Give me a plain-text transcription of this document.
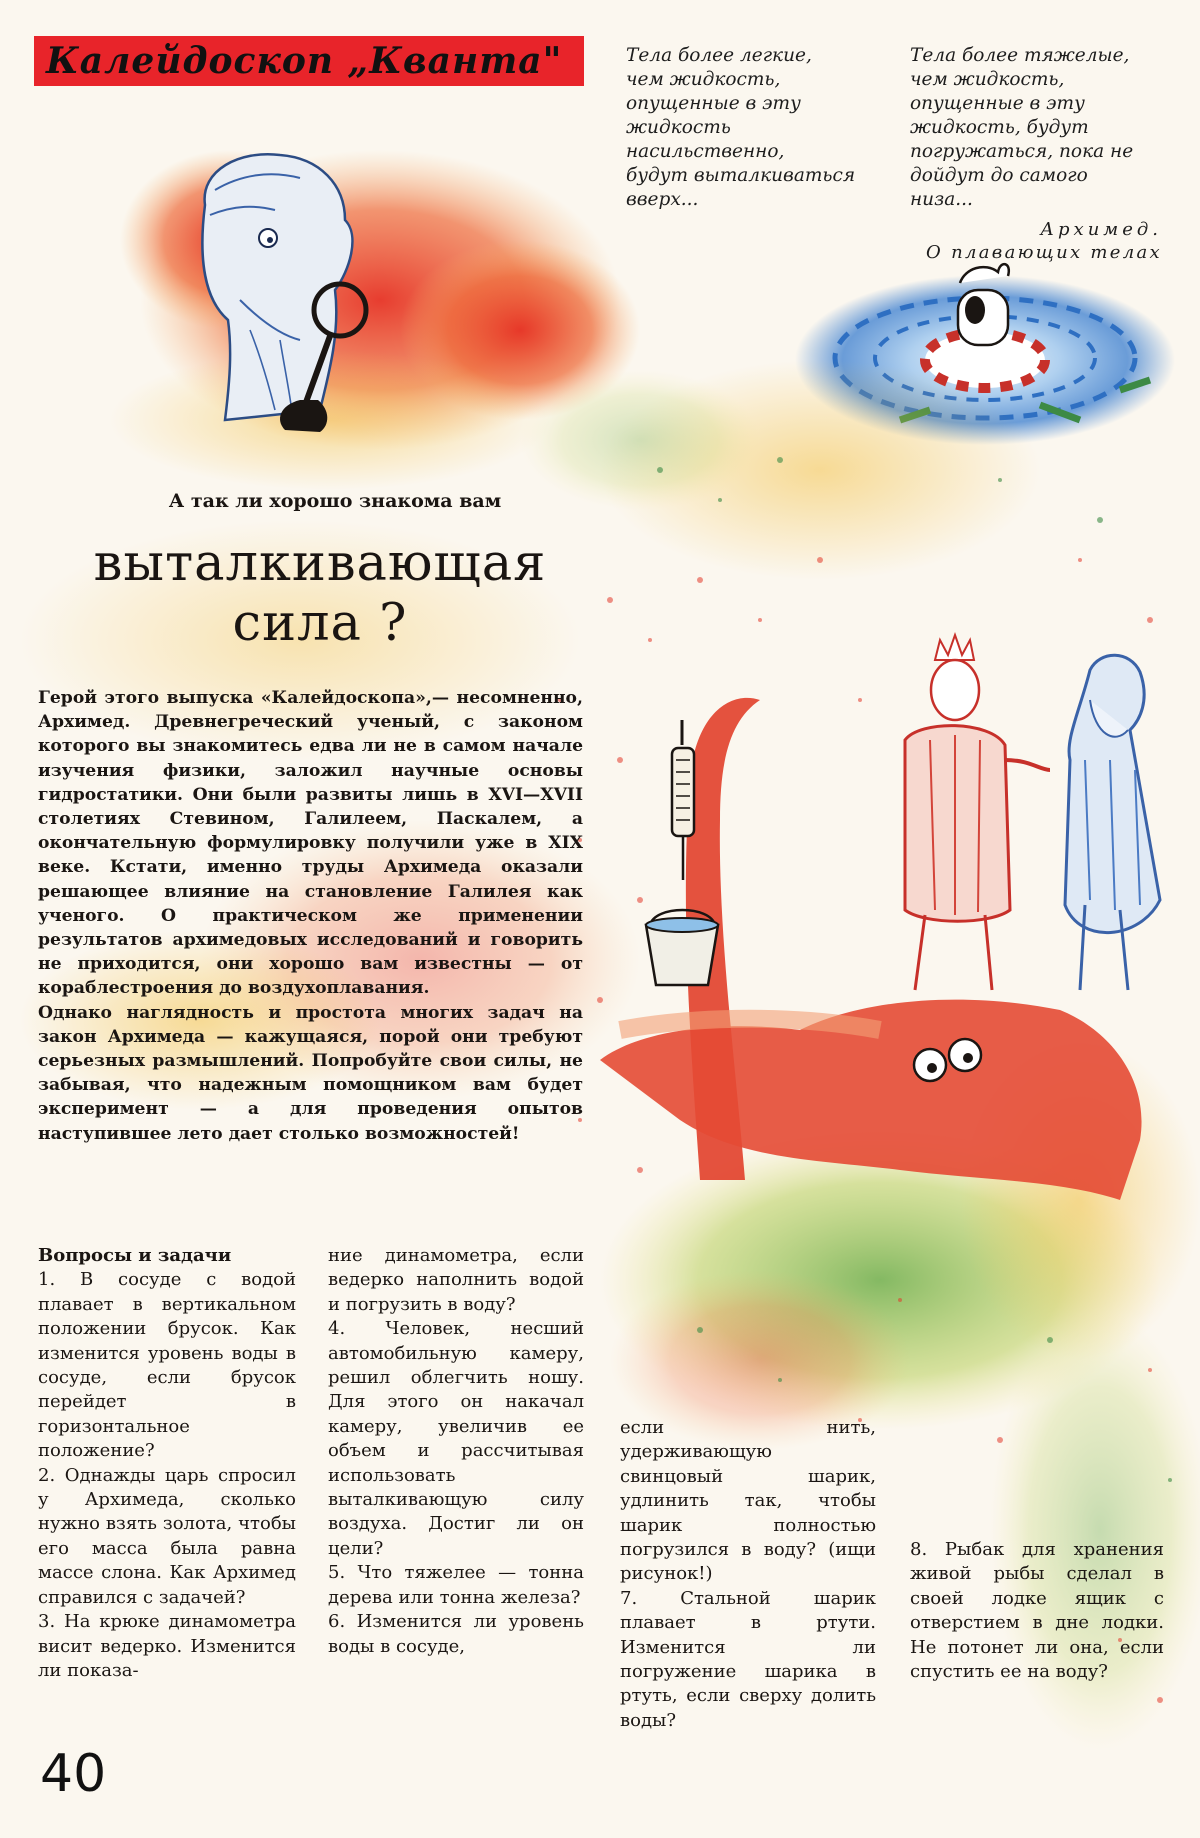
Калейдоскоп „Кванта"	Тела более легкие,

чем жидкость,

опущенные в эту

жидкость

насильственно,

будут выталкиваться

вверх...

Тела более тяжелые,

чем жидкость,

опущенные в эту

жидкость, будут

погружаться, пока не

дойдут до самого

низа...

Архимед.
О плавающих телах
А так ли хорошо знакома вам
выталкивающая
сила ?

Герой этого выпуска «Калейдоскопа»,— несомненно, Архимед. Древнегреческий ученый, с законом которого вы знакомитесь едва ли не в самом начале изучения физики, заложил научные основы гидростатики. Они были развиты лишь в XVI—XVII столетиях Стевином, Галилеем, Паскалем, а окончательную формулировку получили уже в XIX веке. Кстати, именно труды Архимеда оказали решающее влияние на становление Галилея как ученого. О практическом же применении результатов архимедовых исследований и говорить не приходится, они хорошо вам известны — от кораблестроения до воздухоплавания.

Однако наглядность и простота многих задач на закон Архимеда — кажущаяся, порой они требуют серьезных размышлений. Попробуйте свои силы, не забывая, что надежным помощником вам будет эксперимент — а для проведения опытов наступившее лето дает столько возможностей!

Вопросы и задачи

1. В сосуде с водой плавает в вертикальном положении брусок. Как изменится уровень воды в сосуде, если брусок перейдет в горизонтальное положение?

2. Однажды царь спросил у Архимеда, сколько нужно взять золота, чтобы его масса была равна массе слона. Как Архимед справился с задачей?

3. На крюке динамометра висит ведерко. Изменится ли показа-

ние динамометра, если ведерко наполнить водой и погрузить в воду?

4. Человек, несший автомобильную камеру, решил облегчить ношу. Для этого он накачал камеру, увеличив ее объем и рассчитывая использовать выталкивающую силу воздуха. Достиг ли он цели?

5. Что тяжелее — тонна дерева или тонна железа?

6. Изменится ли уровень воды в сосуде,

если нить, удерживающую свинцовый шарик, удлинить так, чтобы шарик полностью погрузился в воду? (ищи рисунок!)

7. Стальной шарик плавает в ртути. Изменится ли погружение шарика в ртуть, если сверху долить воды?

8. Рыбак для хранения живой рыбы сделал в своей лодке ящик с отверстием в дне лодки. Не потонет ли она, если спустить ее на воду?

40
